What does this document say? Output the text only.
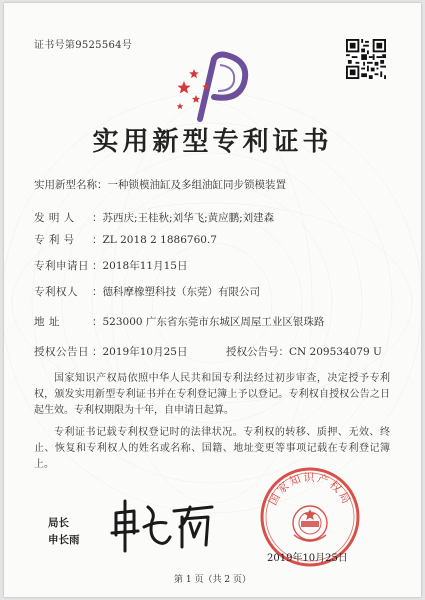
证书号第9525564号
实用新型专利证书
实用新型名称：一种锁模油缸及多组油缸同步锁模装置
发 明 人 ：苏西庆;王桂秋;刘华飞;黄应鹏;刘建森
专 利 号 ：ZL 2018 2 1886760.7
专利申请日 ：2018年11月15日
专利权人 ：德科摩橡塑科技（东莞）有限公司
地 址	：523000 广东省东莞市东城区周屋工业区银珠路
授权公告日 ：2019年10月25日	授权公告号：CN 209534079 U
国家知识产权局依照中华人民共和国专利法经过初步审查，决定授予专利权，颁发实用新型专利证书并在专利登记簿上予以登记。专利权自授权公告之日起生效。专利权期限为十年，自申请日起算。
专利证书记载专利权登记时的法律状况。专利权的转移、质押、无效、终止、恢复和专利权人的姓名或名称、国籍、地址变更等事项记载在专利登记簿上。
局长
申长雨
国家知识产权局
2019年10月25日
第 1 页（共 2 页）
